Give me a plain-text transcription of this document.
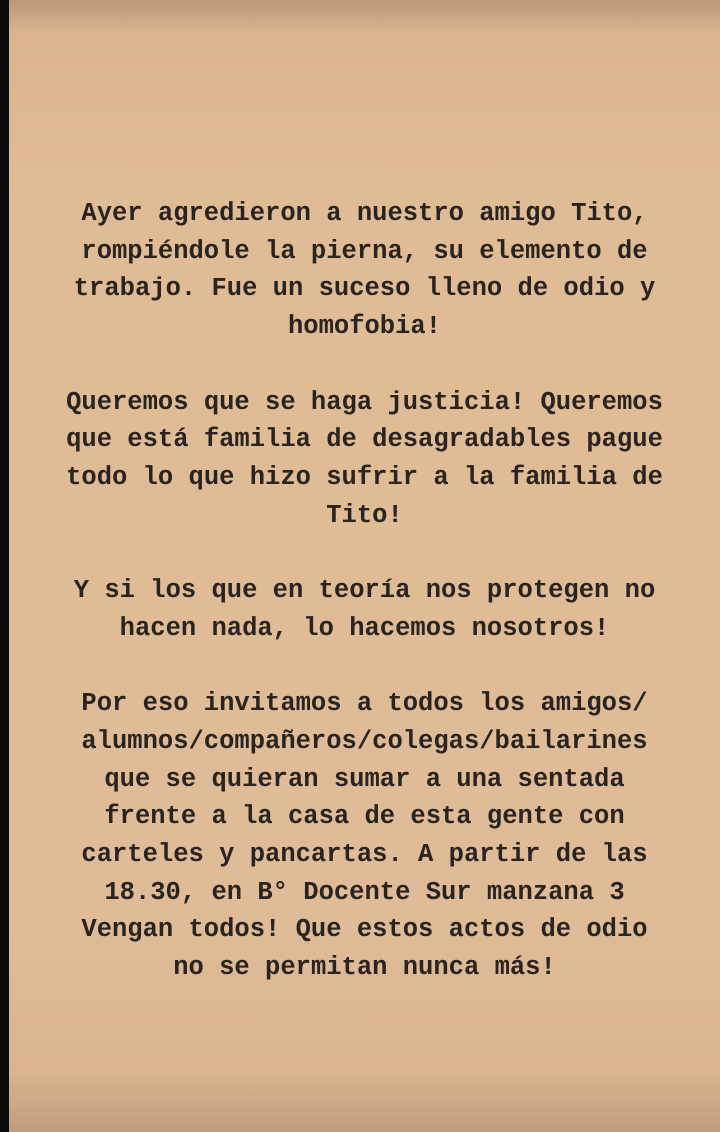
Ayer agredieron a nuestro amigo Tito,
rompiéndole la pierna, su elemento de
trabajo. Fue un suceso lleno de odio y
homofobia!

Queremos que se haga justicia! Queremos
que está familia de desagradables pague
todo lo que hizo sufrir a la familia de
Tito!

Y si los que en teoría nos protegen no
hacen nada, lo hacemos nosotros!

Por eso invitamos a todos los amigos/
alumnos/compañeros/colegas/bailarines
que se quieran sumar a una sentada
frente a la casa de esta gente con
carteles y pancartas. A partir de las
18.30, en B° Docente Sur manzana 3
Vengan todos! Que estos actos de odio
no se permitan nunca más!
